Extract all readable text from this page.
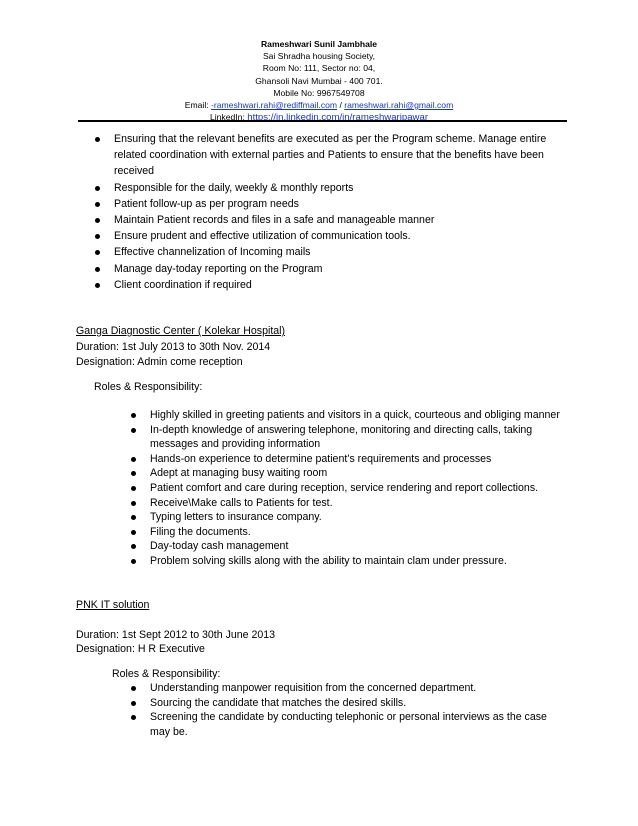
Rameshwari Sunil Jambhale
Sai Shradha housing Society,
Room No: 111, Sector no: 04,
Ghansoli Navi Mumbai - 400 701.
Mobile No: 9967549708
Email: -rameshwari.rahi@rediffmail.com / rameshwari.rahi@gmail.com
LinkedIn: https://in.linkedin.com/in/rameshwaripawar
Ensuring that the relevant benefits are executed as per the Program scheme. Manage entire related coordination with external parties and Patients to ensure that the benefits have been received
Responsible for the daily, weekly & monthly reports
Patient follow-up as per program needs
Maintain Patient records and files in a safe and manageable manner
Ensure prudent and effective utilization of communication tools.
Effective channelization of Incoming mails
Manage day-today reporting on the Program
Client coordination if required
Ganga Diagnostic Center ( Kolekar Hospital)
Duration: 1st July 2013 to 30th Nov. 2014
Designation: Admin come reception
Roles & Responsibility:
Highly skilled in greeting patients and visitors in a quick, courteous and obliging manner
In-depth knowledge of answering telephone, monitoring and directing calls, taking messages and providing information
Hands-on experience to determine patient’s requirements and processes
Adept at managing busy waiting room
Patient comfort and care during reception, service rendering and report collections.
Receive\Make calls to Patients for test.
Typing letters to insurance company.
Filing the documents.
Day-today cash management
Problem solving skills along with the ability to maintain clam under pressure.
PNK IT solution
Duration: 1st Sept 2012 to 30th June 2013
Designation: H R Executive
Roles & Responsibility:
Understanding manpower requisition from the concerned department.
Sourcing the candidate that matches the desired skills.
Screening the candidate by conducting telephonic or personal interviews as the case may be.
